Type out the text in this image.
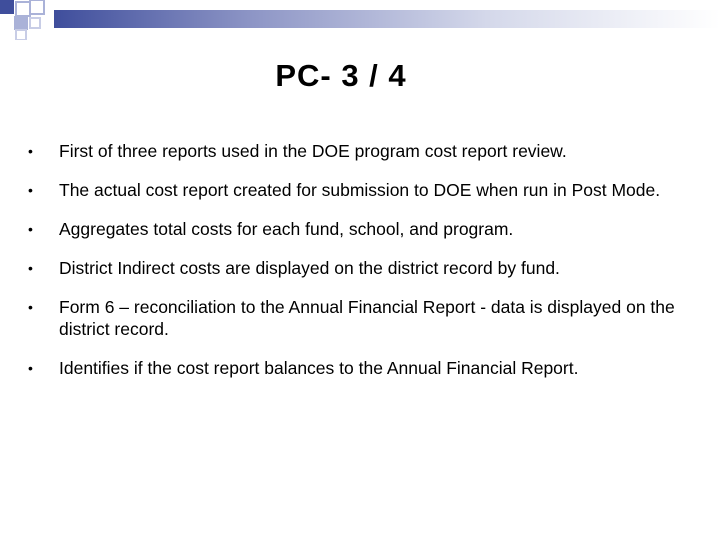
PC- 3 / 4
• First of three reports used in the DOE program cost report review.
• The actual cost report created for submission to DOE when run in Post Mode.
• Aggregates total costs for each fund, school, and program.
• District Indirect costs are displayed on the district record by fund.
• Form 6 – reconciliation to the Annual Financial Report - data is displayed on the district record.
• Identifies if the cost report balances to the Annual Financial Report.
